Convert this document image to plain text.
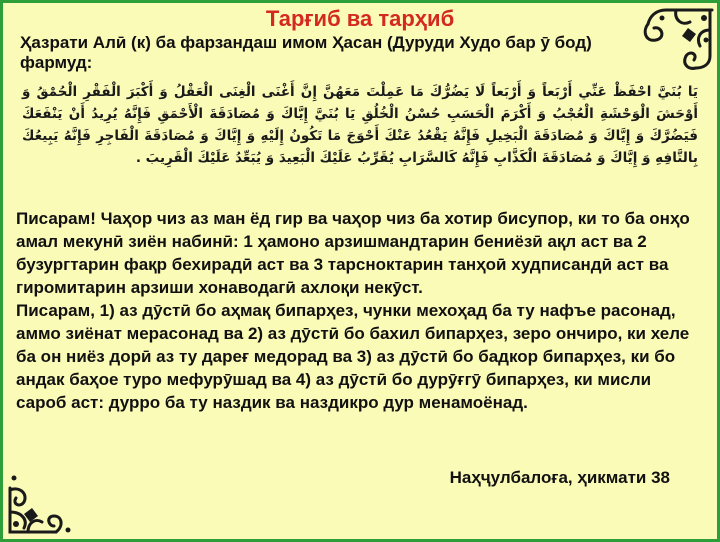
Тарғиб ва тарҳиб
Ҳазрати Алӣ (к) ба фарзандаш имом Ҳасан (Дуруди Худо бар ӯ бод) фармуд:
يَا بُنَيَّ احْفَظْ عَنِّي أَرْبَعاً وَ أَرْبَعاً لَا يَضُرُّكَ مَا عَمِلْتَ مَعَهُنَّ إِنَّ أَغْنَى الْغِنَى الْعَقْلُ وَ أَكْبَرَ الْفَقْرِ الْحُمْقُ وَ أَوْحَشَ الْوَحْشَةِ الْعُجْبُ وَ أَكْرَمَ الْحَسَبِ حُسْنُ الْخُلُقِ يَا بُنَيَّ إِيَّاكَ وَ مُصَادَقَةَ الْأَحْمَقِ فَإِنَّهُ يُرِيدُ أَنْ يَنْفَعَكَ فَيَضُرَّكَ وَ إِيَّاكَ وَ مُصَادَقَةَ الْبَخِيلِ فَإِنَّهُ يَقْعُدُ عَنْكَ أَحْوَجَ مَا تَكُونُ إِلَيْهِ وَ إِيَّاكَ وَ مُصَادَقَةَ الْفَاجِرِ فَإِنَّهُ يَبِيعُكَ بِالتَّافِهِ وَ إِيَّاكَ وَ مُصَادَقَةَ الْكَذَّابِ فَإِنَّهُ كَالسَّرَابِ يُقَرِّبُ عَلَيْكَ الْبَعِيدَ وَ يُبَعِّدُ عَلَيْكَ الْقَرِيبَ .

Писарам! Чаҳор чиз аз ман ёд гир ва чаҳор чиз ба хотир бисупор, ки то ба онҳо амал мекунӣ зиён набинӣ: 1 ҳамоно арзишмандтарин бениёзӣ ақл аст ва 2 бузургтарин фақр бехирадӣ аст ва 3 тарсноктарин танҳоӣ худписандӣ аст ва гиромитарин арзиши хонаводагӣ ахлоқи некӯст.

Писарам, 1) аз дӯстӣ бо аҳмақ бипарҳез, чунки мехоҳад ба ту нафъе расонад, аммо зиёнат мерасонад ва 2) аз дӯстӣ бо бахил бипарҳез, зеро ончиро, ки хеле ба он ниёз дорӣ аз ту дареғ медорад ва 3) аз дӯстӣ бо бадкор бипарҳез, ки бо андак баҳое туро мефурӯшад ва 4) аз дӯстӣ бо дурӯғгӯ бипарҳез, ки мисли сароб аст: дурро ба ту наздик ва наздикро дур менамоёнад.

Наҳҷулбалоға, ҳикмати 38
